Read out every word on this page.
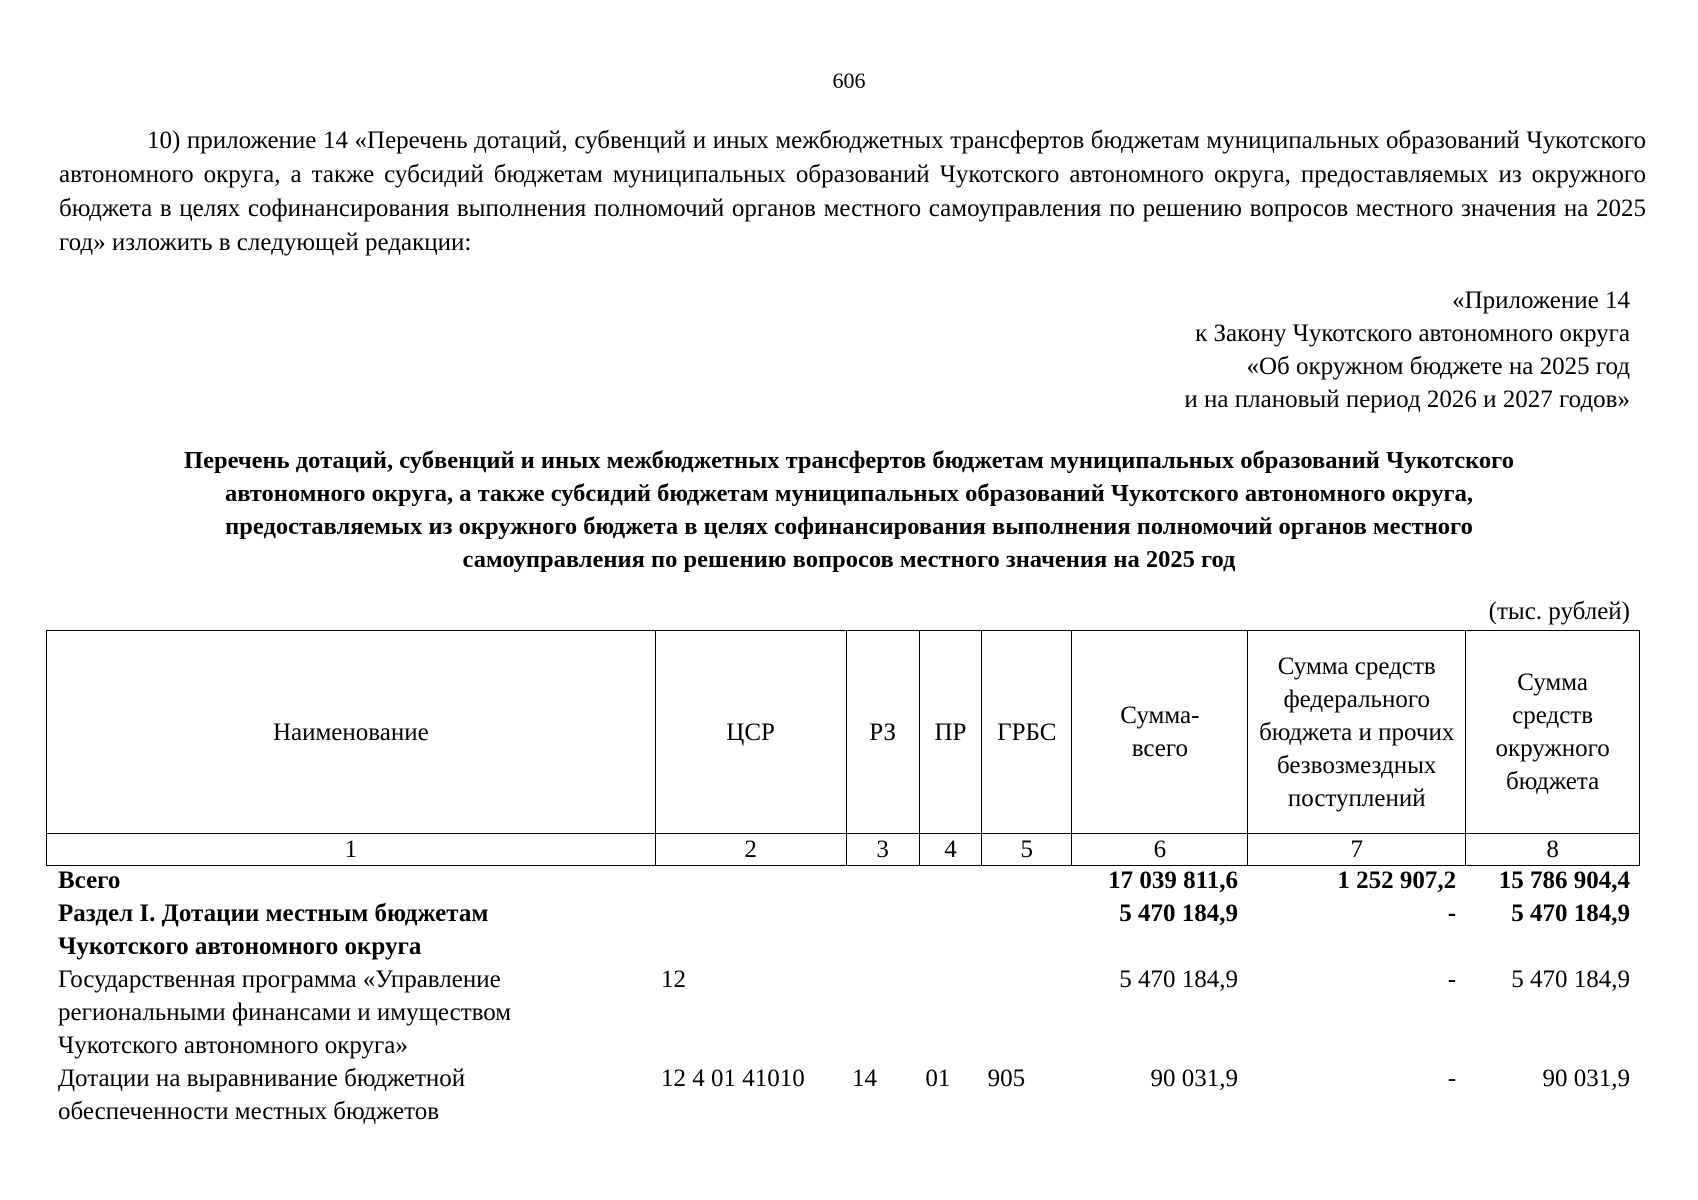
606

10) приложение 14 «Перечень дотаций, субвенций и иных межбюджетных трансфертов бюджетам муниципальных образований Чукотского автономного округа, а также субсидий бюджетам муниципальных образований Чукотского автономного округа, предоставляемых из окружного бюджета в целях софинансирования выполнения полномочий органов местного самоуправления по решению вопросов местного значения на 2025 год» изложить в следующей редакции:

«Приложение 14
к Закону Чукотского автономного округа
«Об окружном бюджете на 2025 год
и на плановый период 2026 и 2027 годов»
Перечень дотаций, субвенций и иных межбюджетных трансфертов бюджетам муниципальных образований Чукотского
автономного округа, а также субсидий бюджетам муниципальных образований Чукотского автономного округа,
предоставляемых из окружного бюджета в целях софинансирования выполнения полномочий органов местного
самоуправления по решению вопросов местного значения на 2025 год
(тыс. рублей)
Наименование	ЦСР	РЗ	ПР	ГРБС	Сумма-всего	Сумма средств федерального бюджета и прочих безвозмездных поступлений	Сумма средств окружного бюджета
1	2	3	4	5	6	7	8
Всего					17 039 811,6	1 252 907,2	15 786 904,4
Раздел I. Дотации местным бюджетам Чукотского автономного округа					5 470 184,9	-	5 470 184,9
Государственная программа «Управление региональными финансами и имуществом Чукотского автономного округа»	12				5 470 184,9	-	5 470 184,9
Дотации на выравнивание бюджетной обеспеченности местных бюджетов	12 4 01 41010	14	01	905	90 031,9	-	90 031,9
